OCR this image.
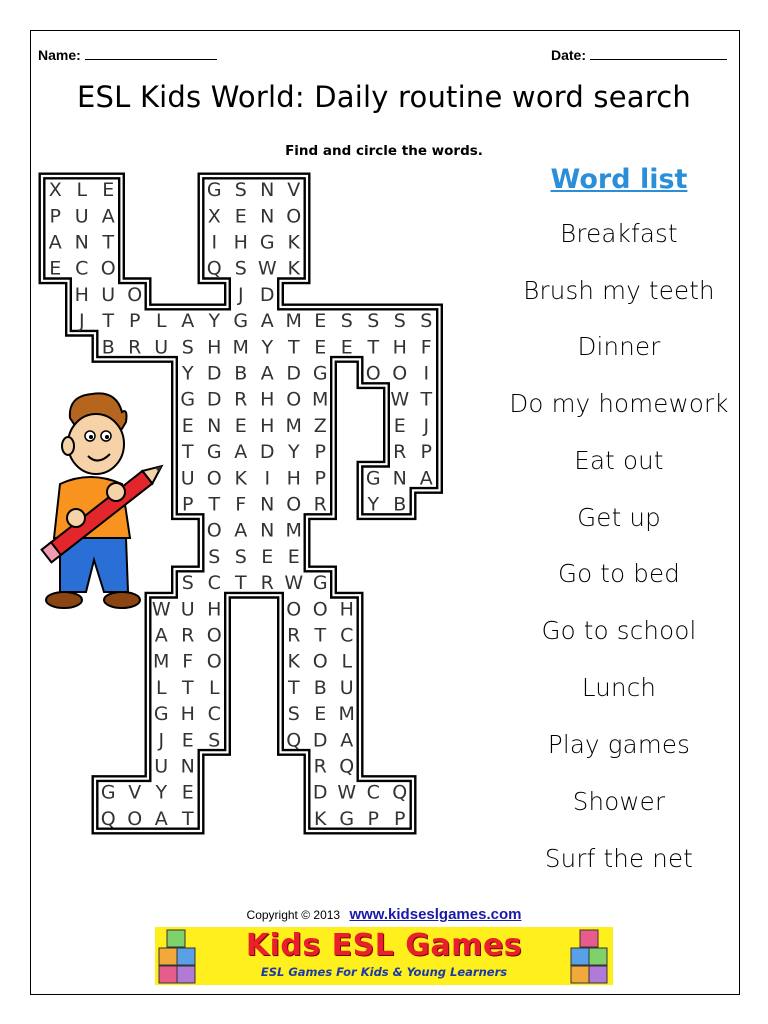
Name:	Date:
ESL Kids World: Daily routine word search
Find and circle the words.
X L E	G S N V
P U A	X E N O
A N T	I H G K
E C O	Q S W K
H U O	J D
J T P L A Y G A M E S S S S
B R U S H M Y T E E T H F
Y D B A D G O O I
G D R H O M	W T
E N E H M Z	E J
T G A D Y P	R P
U O K I H P G N A
P T F N O R Y B
O A N M
S S E E
S C T R W G
W U H	O O H
A R O	R T C
M F O	K O L
L T L	T B U
G H C	S E M
J E S	Q D A
U N	R Q
G V Y E	D W C Q
Q O A T	K G P P
Word list
Breakfast
Brush my teeth
Dinner
Do my homework
Eat out
Get up
Go to bed
Go to school
Lunch
Play games
Shower
Surf the net
Copyright © 2013 www.kidseslgames.com
Kids ESL Games
ESL Games For Kids & Young Learners
